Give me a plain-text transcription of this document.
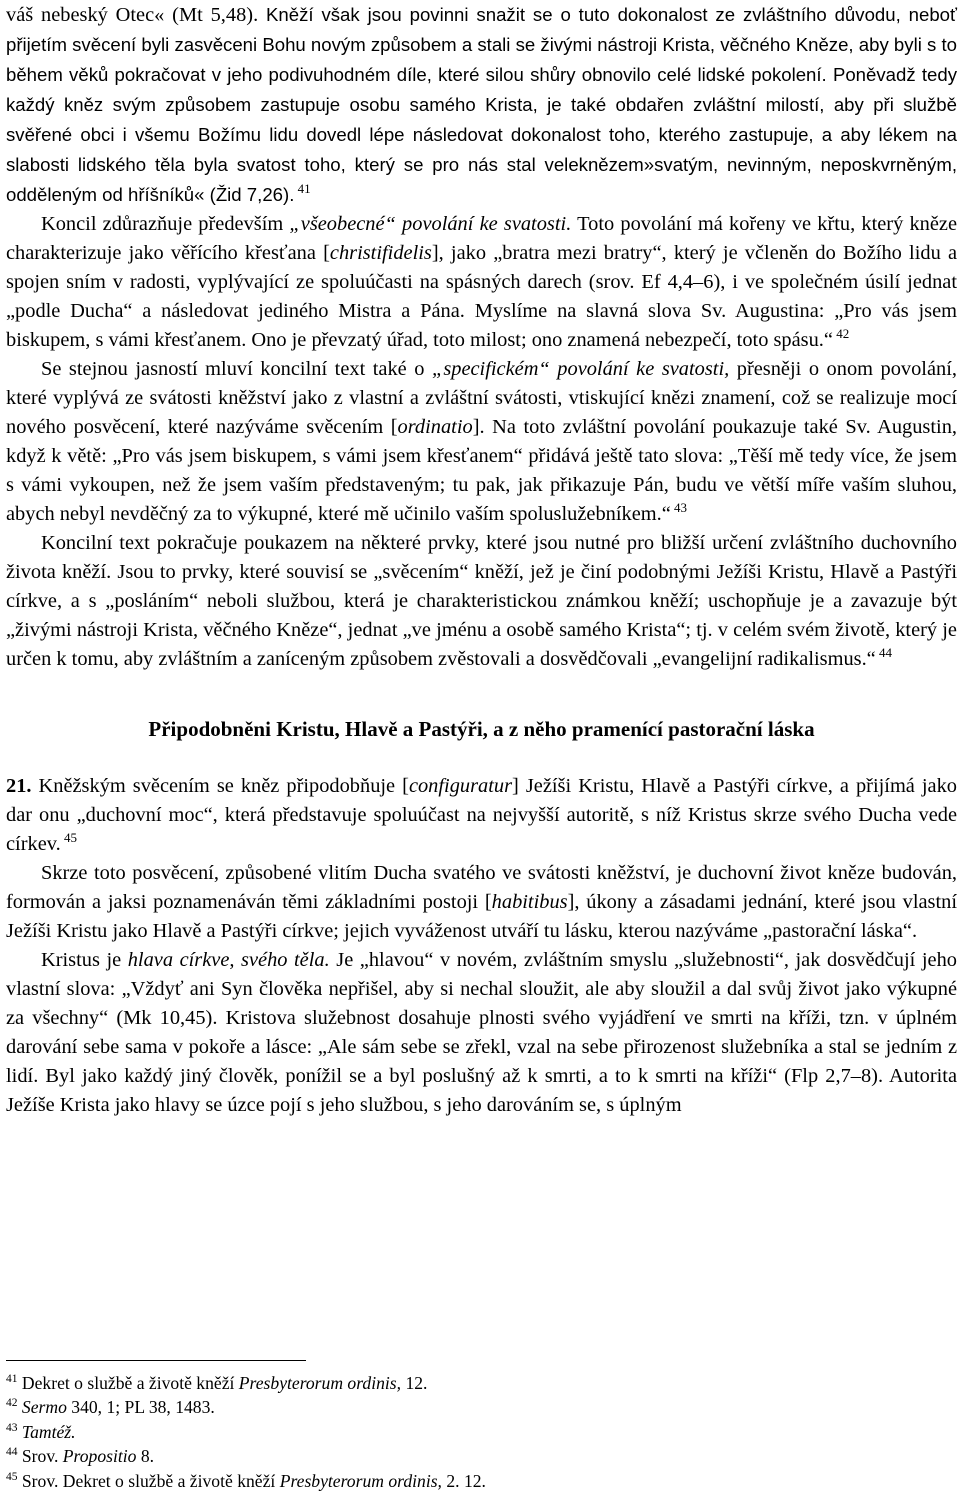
váš nebeský Otec« (Mt 5,48). Kněží však jsou povinni snažit se o tuto dokonalost ze zvláštního důvodu, neboť přijetím svěcení byli zasvěceni Bohu novým způsobem a stali se živými nástroji Krista, věčného Kněze, aby byli s to během věků pokračovat v jeho podivuhodném díle, které silou shůry obnovilo celé lidské pokolení. Poněvadž tedy každý kněz svým způsobem zastupuje osobu samého Krista, je také obdařen zvláštní milostí, aby při službě svěřené obci i všemu Božímu lidu dovedl lépe následovat dokonalost toho, kterého zastupuje, a aby lékem na slabosti lidského těla byla svatost toho, který se pro nás stal veleknězem»svatým, nevinným, neposkvrněným, odděleným od hříšníků« (Žid 7,26). $^{41}$

Koncil zdůrazňuje především „všeobecné“ povolání ke svatosti. Toto povolání má kořeny ve křtu, který kněze charakterizuje jako věřícího křesťana [christifidelis], jako „bratra mezi bratry“, který je včleněn do Božího lidu a spojen sním v radosti, vyplývající ze spoluúčasti na spásných darech (srov. Ef 4,4–6), i ve společném úsilí jednat „podle Ducha“ a následovat jediného Mistra a Pána. Myslíme na slavná slova Sv. Augustina: „Pro vás jsem biskupem, s vámi křesťanem. Ono je převzatý úřad, toto milost; ono znamená nebezpečí, toto spásu.“ $^{42}$

Se stejnou jasností mluví koncilní text také o „specifickém“ povolání ke svatosti, přesněji o onom povolání, které vyplývá ze svátosti kněžství jako z vlastní a zvláštní svátosti, vtiskující knězi znamení, což se realizuje mocí nového posvěcení, které nazýváme svěcením [ordinatio]. Na toto zvláštní povolání poukazuje také Sv. Augustin, když k větě: „Pro vás jsem biskupem, s vámi jsem křesťanem“ přidává ještě tato slova: „Těší mě tedy více, že jsem s vámi vykoupen, než že jsem vaším představeným; tu pak, jak přikazuje Pán, budu ve větší míře vaším sluhou, abych nebyl nevděčný za to výkupné, které mě učinilo vaším spoluslužebníkem.“ $^{43}$

Koncilní text pokračuje poukazem na některé prvky, které jsou nutné pro bližší určení zvláštního duchovního života kněží. Jsou to prvky, které souvisí se „svěcením“ kněží, jež je činí podobnými Ježíši Kristu, Hlavě a Pastýři církve, a s „posláním“ neboli službou, která je charakteristickou známkou kněží; uschopňuje je a zavazuje být „živými nástroji Krista, věčného Kněze“, jednat „ve jménu a osobě samého Krista“; tj. v celém svém životě, který je určen k tomu, aby zvláštním a zaníceným způsobem zvěstovali a dosvědčovali „evangelijní radikalismus.“ $^{44}$

Připodobněni Kristu, Hlavě a Pastýři, a z něho pramenící pastorační láska

21. Kněžským svěcením se kněz připodobňuje [configuratur] Ježíši Kristu, Hlavě a Pastýři církve, a přijímá jako dar onu „duchovní moc“, která představuje spoluúčast na nejvyšší autoritě, s níž Kristus skrze svého Ducha vede církev. $^{45}$

Skrze toto posvěcení, způsobené vlitím Ducha svatého ve svátosti kněžství, je duchovní život kněze budován, formován a jaksi poznamenáván těmi základními postoji [habitibus], úkony a zásadami jednání, které jsou vlastní Ježíši Kristu jako Hlavě a Pastýři církve; jejich vyváženost utváří tu lásku, kterou nazýváme „pastorační láska“.

Kristus je hlava církve, svého těla. Je „hlavou“ v novém, zvláštním smyslu „služebnosti“, jak dosvědčují jeho vlastní slova: „Vždyť ani Syn člověka nepřišel, aby si nechal sloužit, ale aby sloužil a dal svůj život jako výkupné za všechny“ (Mk 10,45). Kristova služebnost dosahuje plnosti svého vyjádření ve smrti na kříži, tzn. v úplném darování sebe sama v pokoře a lásce: „Ale sám sebe se zřekl, vzal na sebe přirozenost služebníka a stal se jedním z lidí. Byl jako každý jiný člověk, ponížil se a byl poslušný až k smrti, a to k smrti na kříži“ (Flp 2,7–8). Autorita Ježíše Krista jako hlavy se úzce pojí s jeho službou, s jeho darováním se, s úplným

$^{41}$ Dekret o službě a životě kněží Presbyterorum ordinis, 12.

$^{42}$ Sermo 340, 1; PL 38, 1483.

$^{43}$ Tamtéž.

$^{44}$ Srov. Propositio 8.

$^{45}$ Srov. Dekret o službě a životě kněží Presbyterorum ordinis, 2. 12.
